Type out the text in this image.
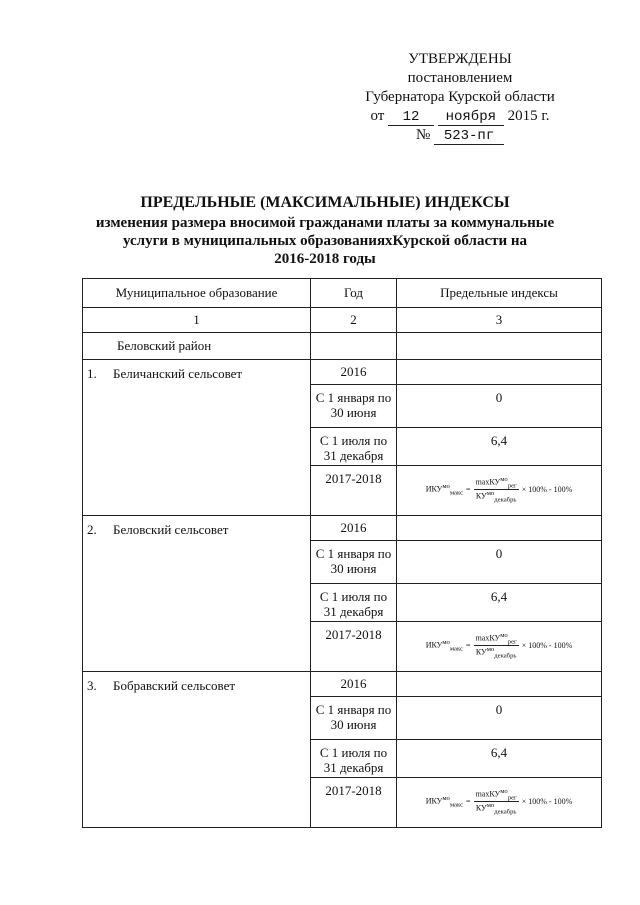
УТВЕРЖДЕНЫ
постановлением
Губернатора Курской области
от 12 ноября 2015 г.
№ 523-пг
ПРЕДЕЛЬНЫЕ (МАКСИМАЛЬНЫЕ) ИНДЕКСЫ
изменения размера вносимой гражданами платы за коммунальные
услуги в муниципальных образованияхКурской области на
2016-2018 годы
Муниципальное образование	Год	Предельные индексы
1	2	3
Беловский район		

1. Беличанский сельсовет	2016	
	С 1 января по 30 июня	0
	С 1 июля по 31 декабря	6,4
	2017-2018	$ИКУ^{мо}_{макс} = \frac{\max КУ^{мо}_{рег}}{КУ^{мо}_{декабрь}} \times 100\% - 100\%$

2. Беловский сельсовет	2016	
	С 1 января по 30 июня	0
	С 1 июля по 31 декабря	6,4
	2017-2018	$ИКУ^{мо}_{макс} = \frac{\max КУ^{мо}_{рег}}{КУ^{мо}_{декабрь}} \times 100\% - 100\%$

3. Бобравский сельсовет	2016	
	С 1 января по 30 июня	0
	С 1 июля по 31 декабря	6,4
	2017-2018	$ИКУ^{мо}_{макс} = \frac{\max КУ^{мо}_{рег}}{КУ^{мо}_{декабрь}} \times 100\% - 100\%$
